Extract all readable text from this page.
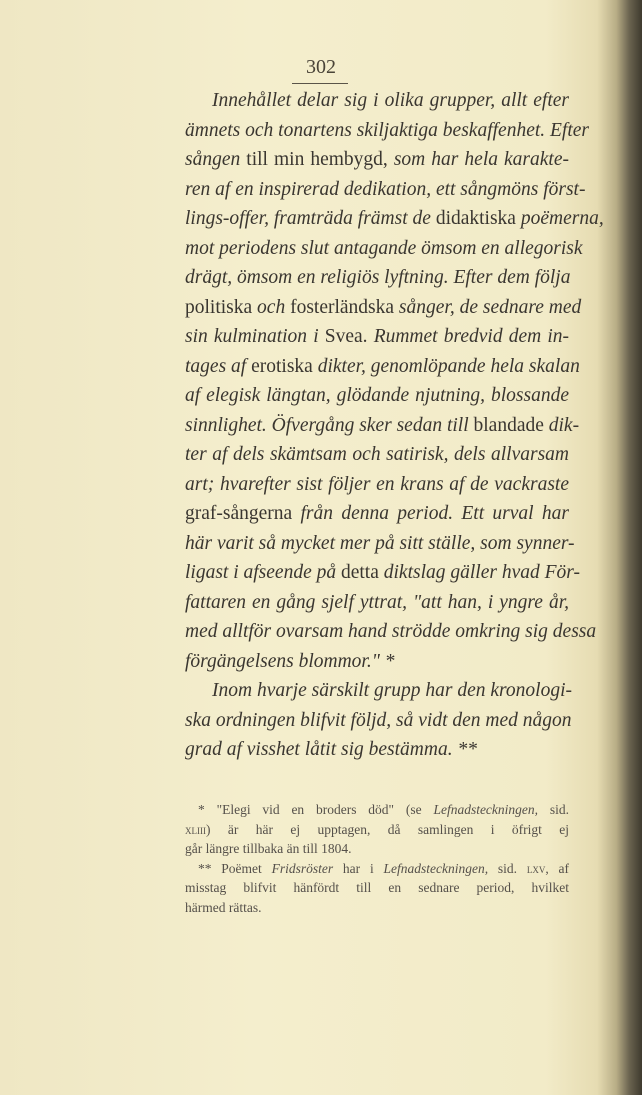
302
Innehållet delar sig i olika grupper, allt efter
ämnets och tonartens skiljaktiga beskaffenhet. Efter
sången till min hembygd, som har hela karakte-
ren af en inspirerad dedikation, ett sångmöns först-
lings-offer, framträda främst de didaktiska poëmerna,
mot periodens slut antagande ömsom en allegorisk
drägt, ömsom en religiös lyftning. Efter dem följa
politiska och fosterländska sånger, de sednare med
sin kulmination i Svea. Rummet bredvid dem in-
tages af erotiska dikter, genomlöpande hela skalan
af elegisk längtan, glödande njutning, blossande
sinnlighet. Öfvergång sker sedan till blandade dik-
ter af dels skämtsam och satirisk, dels allvarsam
art; hvarefter sist följer en krans af de vackraste
graf-sångerna från denna period. Ett urval har
här varit så mycket mer på sitt ställe, som synner-
ligast i afseende på detta diktslag gäller hvad För-
fattaren en gång sjelf yttrat, "att han, i yngre år,
med alltför ovarsam hand strödde omkring sig dessa
förgängelsens blommor." *
Inom hvarje särskilt grupp har den kronologi-
ska ordningen blifvit följd, så vidt den med någon
grad af visshet låtit sig bestämma. **
* "Elegi vid en broders död" (se Lefnadsteckningen, sid.
xliii) är här ej upptagen, då samlingen i öfrigt ej
går längre tillbaka än till 1804.
** Poëmet Fridsröster har i Lefnadsteckningen, sid. lxv, af
misstag blifvit hänfördt till en sednare period, hvilket
härmed rättas.
